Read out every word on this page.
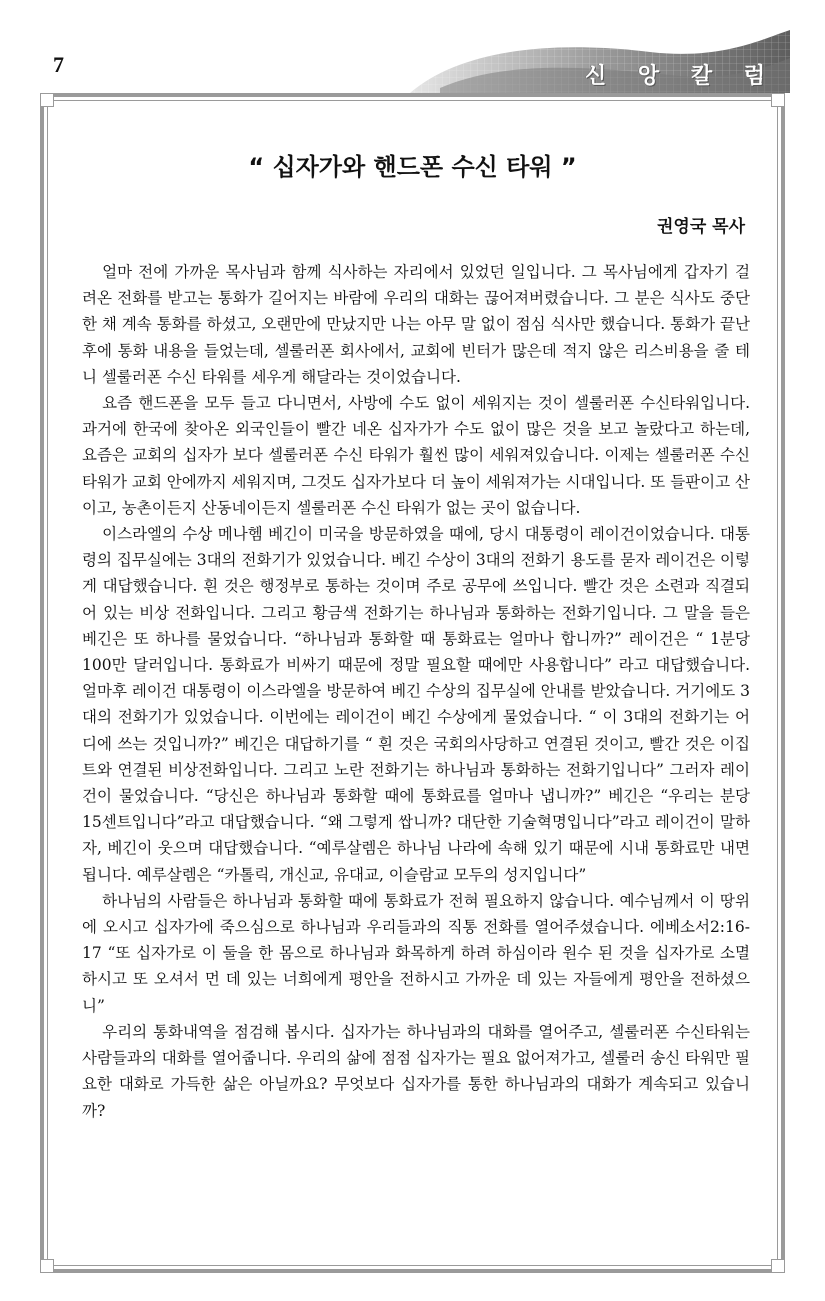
7	신 앙 칼 럼
“ 십자가와 핸드폰 수신 타워 ”
권영국 목사

얼마 전에 가까운 목사님과 함께 식사하는 자리에서 있었던 일입니다. 그 목사님에게 갑자기 걸려온 전화를 받고는 통화가 길어지는 바람에 우리의 대화는 끊어져버렸습니다. 그 분은 식사도 중단한 채 계속 통화를 하셨고, 오랜만에 만났지만 나는 아무 말 없이 점심 식사만 했습니다. 통화가 끝난 후에 통화 내용을 들었는데, 셀룰러폰 회사에서, 교회에 빈터가 많은데 적지 않은 리스비용을 줄 테니 셀룰러폰 수신 타워를 세우게 해달라는 것이었습니다.

요즘 핸드폰을 모두 들고 다니면서, 사방에 수도 없이 세워지는 것이 셀룰러폰 수신타워입니다. 과거에 한국에 찾아온 외국인들이 빨간 네온 십자가가 수도 없이 많은 것을 보고 놀랐다고 하는데, 요즘은 교회의 십자가 보다 셀룰러폰 수신 타워가 훨씬 많이 세워져있습니다. 이제는 셀룰러폰 수신 타워가 교회 안에까지 세워지며, 그것도 십자가보다 더 높이 세워져가는 시대입니다. 또 들판이고 산이고, 농촌이든지 산동네이든지 셀룰러폰 수신 타워가 없는 곳이 없습니다.

이스라엘의 수상 메나헴 베긴이 미국을 방문하였을 때에, 당시 대통령이 레이건이었습니다. 대통령의 집무실에는 3대의 전화기가 있었습니다. 베긴 수상이 3대의 전화기 용도를 묻자 레이건은 이렇게 대답했습니다. 흰 것은 행정부로 통하는 것이며 주로 공무에 쓰입니다. 빨간 것은 소련과 직결되어 있는 비상 전화입니다. 그리고 황금색 전화기는 하나님과 통화하는 전화기입니다. 그 말을 들은 베긴은 또 하나를 물었습니다. “하나님과 통화할 때 통화료는 얼마나 합니까?” 레이건은 “ 1분당 100만 달러입니다. 통화료가 비싸기 때문에 정말 필요할 때에만 사용합니다” 라고 대답했습니다. 얼마후 레이건 대통령이 이스라엘을 방문하여 베긴 수상의 집무실에 안내를 받았습니다. 거기에도 3대의 전화기가 있었습니다. 이번에는 레이건이 베긴 수상에게 물었습니다. “ 이 3대의 전화기는 어디에 쓰는 것입니까?” 베긴은 대답하기를 “ 흰 것은 국회의사당하고 연결된 것이고, 빨간 것은 이집트와 연결된 비상전화입니다. 그리고 노란 전화기는 하나님과 통화하는 전화기입니다” 그러자 레이건이 물었습니다. “당신은 하나님과 통화할 때에 통화료를 얼마나 냅니까?” 베긴은 “우리는 분당 15센트입니다”라고 대답했습니다. “왜 그렇게 쌉니까? 대단한 기술혁명입니다”라고 레이건이 말하자, 베긴이 웃으며 대답했습니다. “예루살렘은 하나님 나라에 속해 있기 때문에 시내 통화료만 내면 됩니다. 예루살렘은 “카톨릭, 개신교, 유대교, 이슬람교 모두의 성지입니다”

하나님의 사람들은 하나님과 통화할 때에 통화료가 전혀 필요하지 않습니다. 예수님께서 이 땅위에 오시고 십자가에 죽으심으로 하나님과 우리들과의 직통 전화를 열어주셨습니다. 에베소서2:16-17 “또 십자가로 이 둘을 한 몸으로 하나님과 화목하게 하려 하심이라 원수 된 것을 십자가로 소멸하시고 또 오셔서 먼 데 있는 너희에게 평안을 전하시고 가까운 데 있는 자들에게 평안을 전하셨으니”

우리의 통화내역을 점검해 봅시다. 십자가는 하나님과의 대화를 열어주고, 셀룰러폰 수신타워는 사람들과의 대화를 열어줍니다. 우리의 삶에 점점 십자가는 필요 없어져가고, 셀룰러 송신 타워만 필요한 대화로 가득한 삶은 아닐까요? 무엇보다 십자가를 통한 하나님과의 대화가 계속되고 있습니까?
